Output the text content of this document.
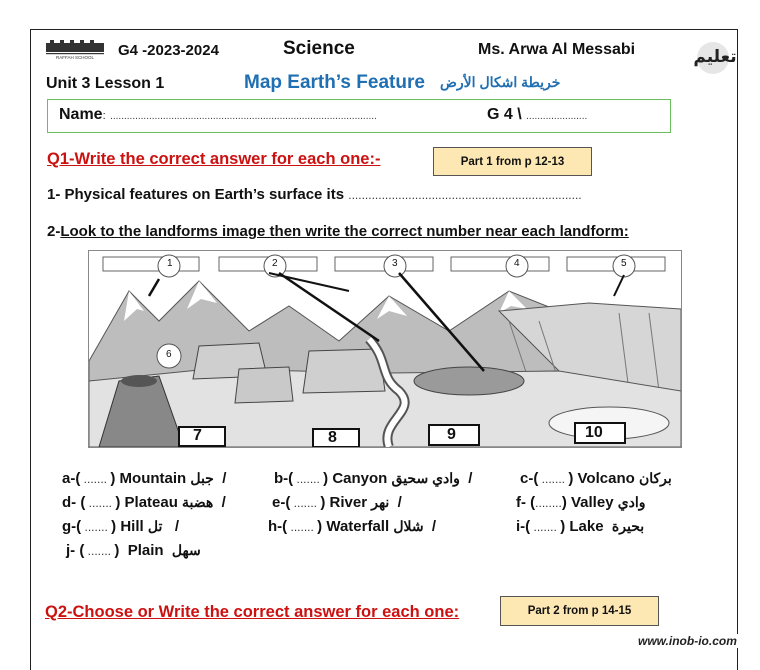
RAFFAH SCHOOL G4 -2023-2024	Science	Ms. Arwa Al Messabi	تعليم
Unit 3 Lesson 1	Map Earth’s Feature خريطة اشكال الأرض
Name: ................................................................................................	G 4 \ ......................
Q1-Write the correct answer for each one:-	Part 1 from p 12-13
1- Physical features on Earth’s surface its ......................................................................
2-Look to the landforms image then write the correct number near each landform:
1	2	3	4	5
6
7	8	9	10
a-( ....... ) Mountain جبل /	b-( ....... ) Canyon وادي سحيق /	c-( ....... ) Volcano بركان
d- ( ....... ) Plateau هضبة /	e-( ....... ) River نهر /	f- (........) Valley وادي
g-( ....... ) Hill تل /	h-( ....... ) Waterfall شلال /	i-( ....... ) Lake بحيرة
j- ( ....... ) Plain سهل
Q2-Choose or Write the correct answer for each one:	Part 2 from p 14-15
www.inob-io.com
